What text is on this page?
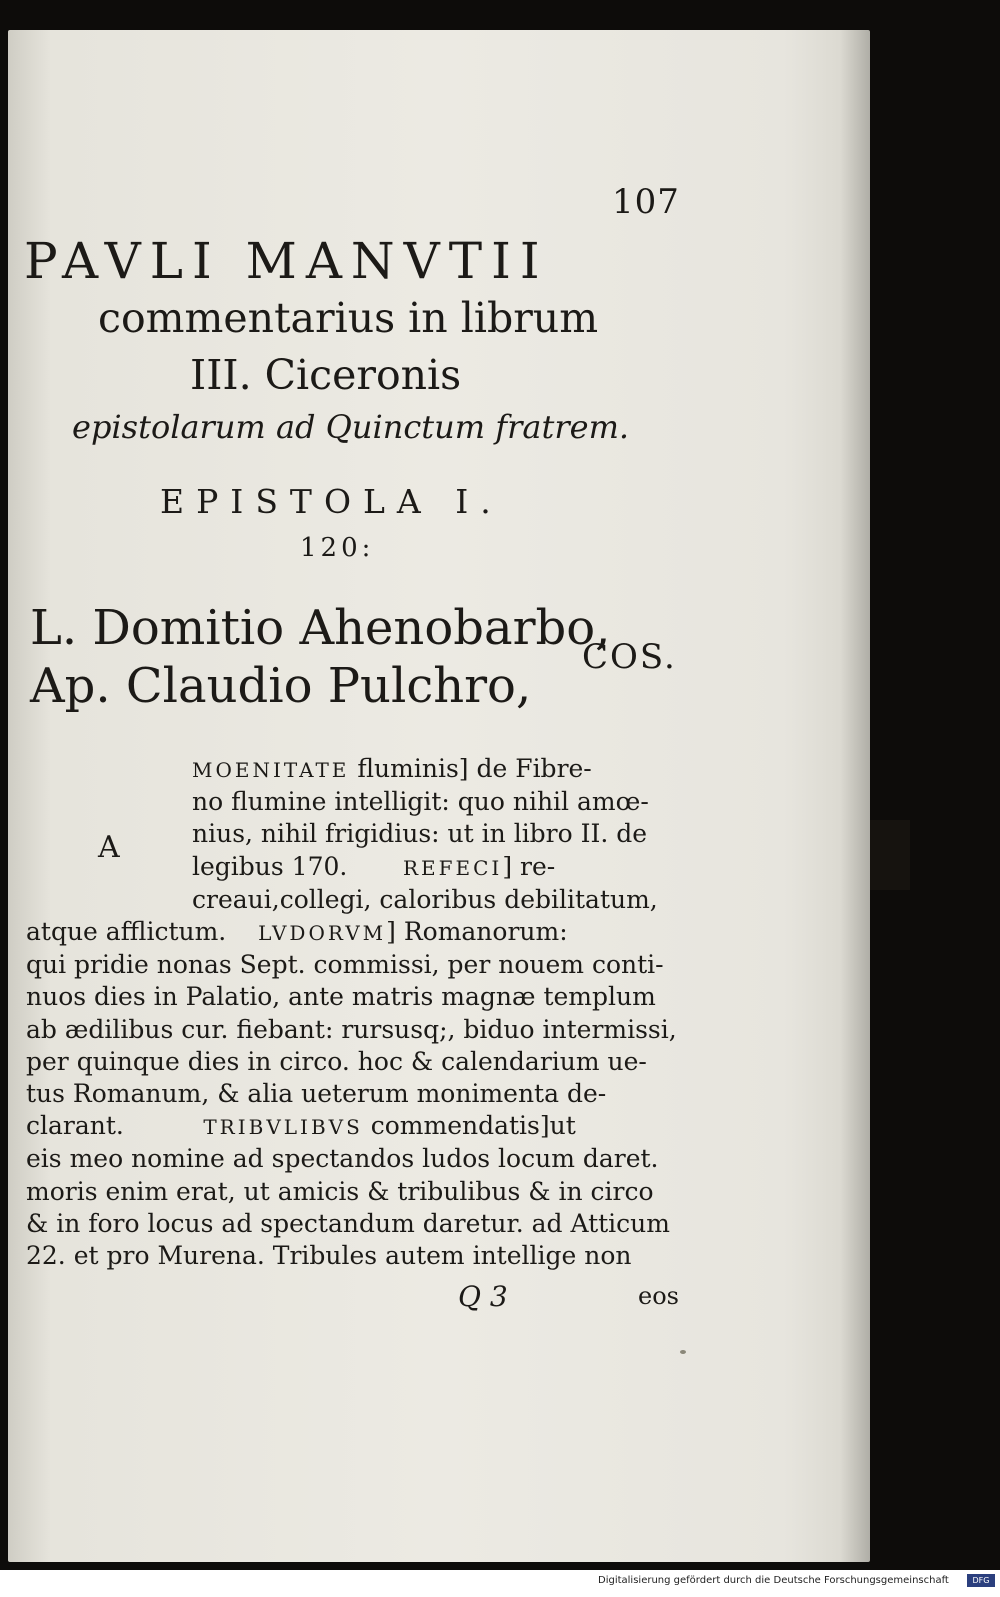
107
PAVLI MANVTII
commentarius in librum
III. Ciceronis
epistolarum ad Quinctum fratrem.
EPISTOLA I.
120:
L. Domitio Ahenobarbo,
Ap. Claudio Pulchro,
COS.
A
MOENITATE fluminis] de Fibre-
no flumine intelligit: quo nihil amœ-
nius, nihil frigidius: ut in libro II. de
legibus 170.	REFECI] re-
creaui,collegi, caloribus debilitatum,
atque afflictum. LVDORVM] Romanorum:
qui pridie nonas Sept. commissi, per nouem conti-
nuos dies in Palatio, ante matris magnæ templum
ab ædilibus cur. fiebant: rursusq;, biduo intermissi,
per quinque dies in circo. hoc & calendarium ue-
tus Romanum, & alia ueterum monimenta de-
clarant.	TRIBVLIBVS commendatis]ut
eis meo nomine ad spectandos ludos locum daret.
moris enim erat, ut amicis & tribulibus & in circo
& in foro locus ad spectandum daretur. ad Atticum
22. et pro Murena. Tribules autem intellige non
Q 3	eos
Digitalisierung gefördert durch die Deutsche Forschungsgemeinschaft	DFG
